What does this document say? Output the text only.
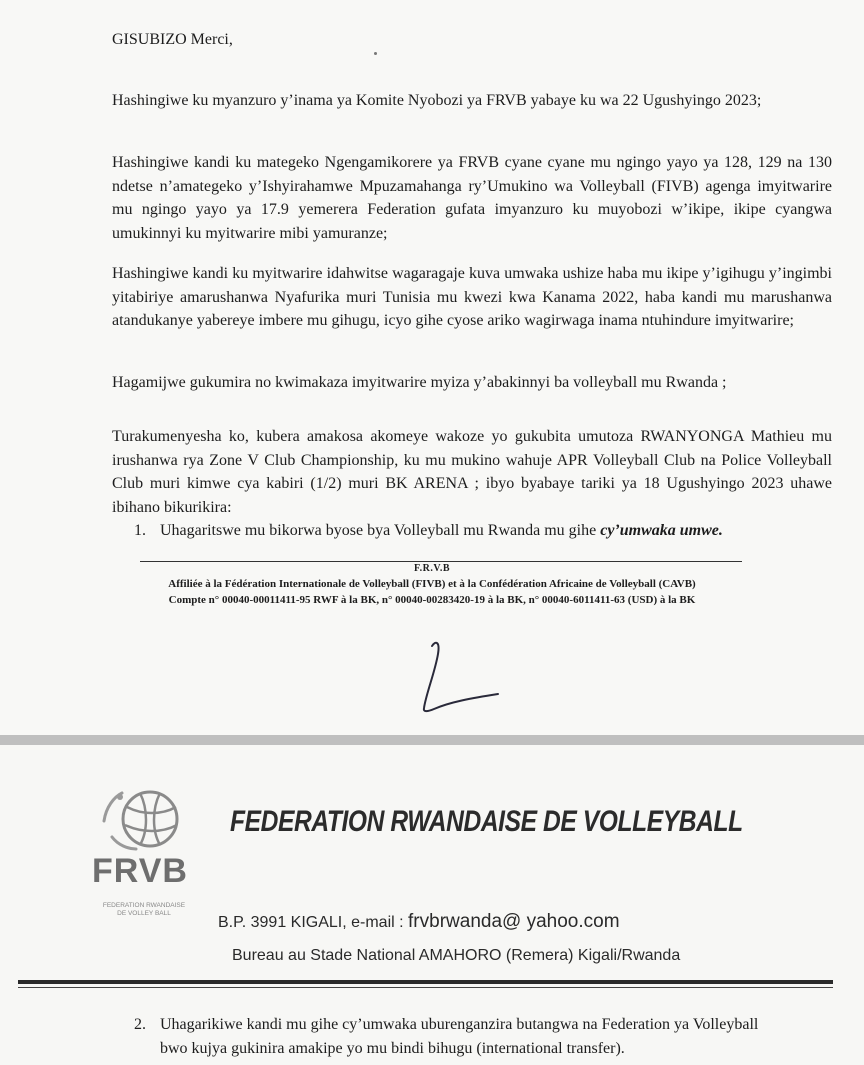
GISUBIZO Merci,
Hashingiwe ku myanzuro y’inama ya Komite Nyobozi ya FRVB yabaye ku wa 22 Ugushyingo 2023;
Hashingiwe kandi ku mategeko Ngengamikorere ya FRVB cyane cyane mu ngingo yayo ya 128, 129 na 130 ndetse n’amategeko y’Ishyirahamwe Mpuzamahanga ry’Umukino wa Volleyball (FIVB) agenga imyitwarire mu ngingo yayo ya 17.9 yemerera Federation gufata imyanzuro ku muyobozi w’ikipe, ikipe cyangwa umukinnyi ku myitwarire mibi yamuranze;
Hashingiwe kandi ku myitwarire idahwitse wagaragaje kuva umwaka ushize haba mu ikipe y’igihugu y’ingimbi yitabiriye amarushanwa Nyafurika muri Tunisia mu kwezi kwa Kanama 2022, haba kandi mu marushanwa atandukanye yabereye imbere mu gihugu, icyo gihe cyose ariko wagirwaga inama ntuhindure imyitwarire;
Hagamijwe gukumira no kwimakaza imyitwarire myiza y’abakinnyi ba volleyball mu Rwanda ;
Turakumenyesha ko, kubera amakosa akomeye wakoze yo gukubita umutoza RWANYONGA Mathieu mu irushanwa rya Zone V Club Championship, ku mu mukino wahuje APR Volleyball Club na Police Volleyball Club muri kimwe cya kabiri (1/2) muri BK ARENA ; ibyo byabaye tariki ya 18 Ugushyingo 2023 uhawe ibihano bikurikira:
1. Uhagaritswe mu bikorwa byose bya Volleyball mu Rwanda mu gihe cy’umwaka umwe.
F.R.V.B
Affiliée à la Fédération Internationale de Volleyball (FIVB) et à la Confédération Africaine de Volleyball (CAVB)
Compte n° 00040-00011411-95 RWF à la BK, n° 00040-00283420-19 à la BK, n° 00040-6011411-63 (USD) à la BK
FRVB
FEDERATION RWANDAISE
DE VOLLEY BALL
FEDERATION RWANDAISE DE VOLLEYBALL
B.P. 3991 KIGALI, e-mail : frvbrwanda@ yahoo.com
Bureau au Stade National AMAHORO (Remera) Kigali/Rwanda
2. Uhagarikiwe kandi mu gihe cy’umwaka uburenganzira butangwa na Federation ya Volleyball
bwo kujya gukinira amakipe yo mu bindi bihugu (international transfer).
